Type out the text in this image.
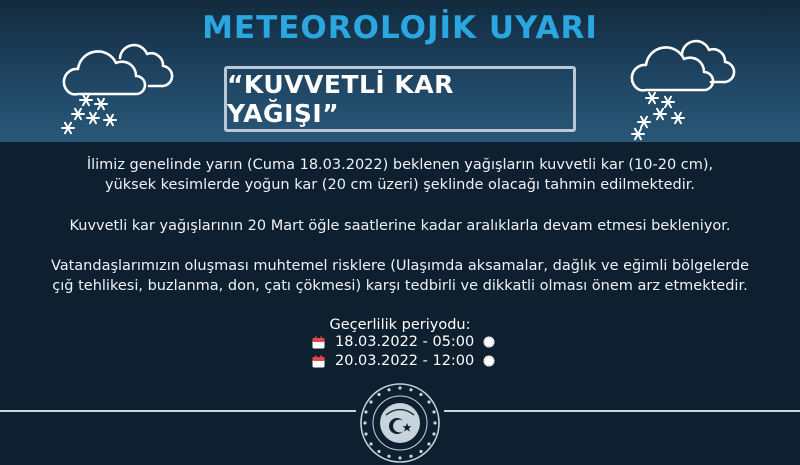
METEOROLOJİK UYARI
“KUVVETLİ KAR YAĞIŞI”
İlimiz genelinde yarın (Cuma 18.03.2022) beklenen yağışların kuvvetli kar (10-20 cm),
yüksek kesimlerde yoğun kar (20 cm üzeri) şeklinde olacağı tahmin edilmektedir.
Kuvvetli kar yağışlarının 20 Mart öğle saatlerine kadar aralıklarla devam etmesi bekleniyor.
Vatandaşlarımızın oluşması muhtemel risklere (Ulaşımda aksamalar, dağlık ve eğimli bölgelerde
çığ tehlikesi, buzlanma, don, çatı çökmesi) karşı tedbirli ve dikkatli olması önem arz etmektedir.
Geçerlilik periyodu:
18.03.2022 - 05:00
20.03.2022 - 12:00
